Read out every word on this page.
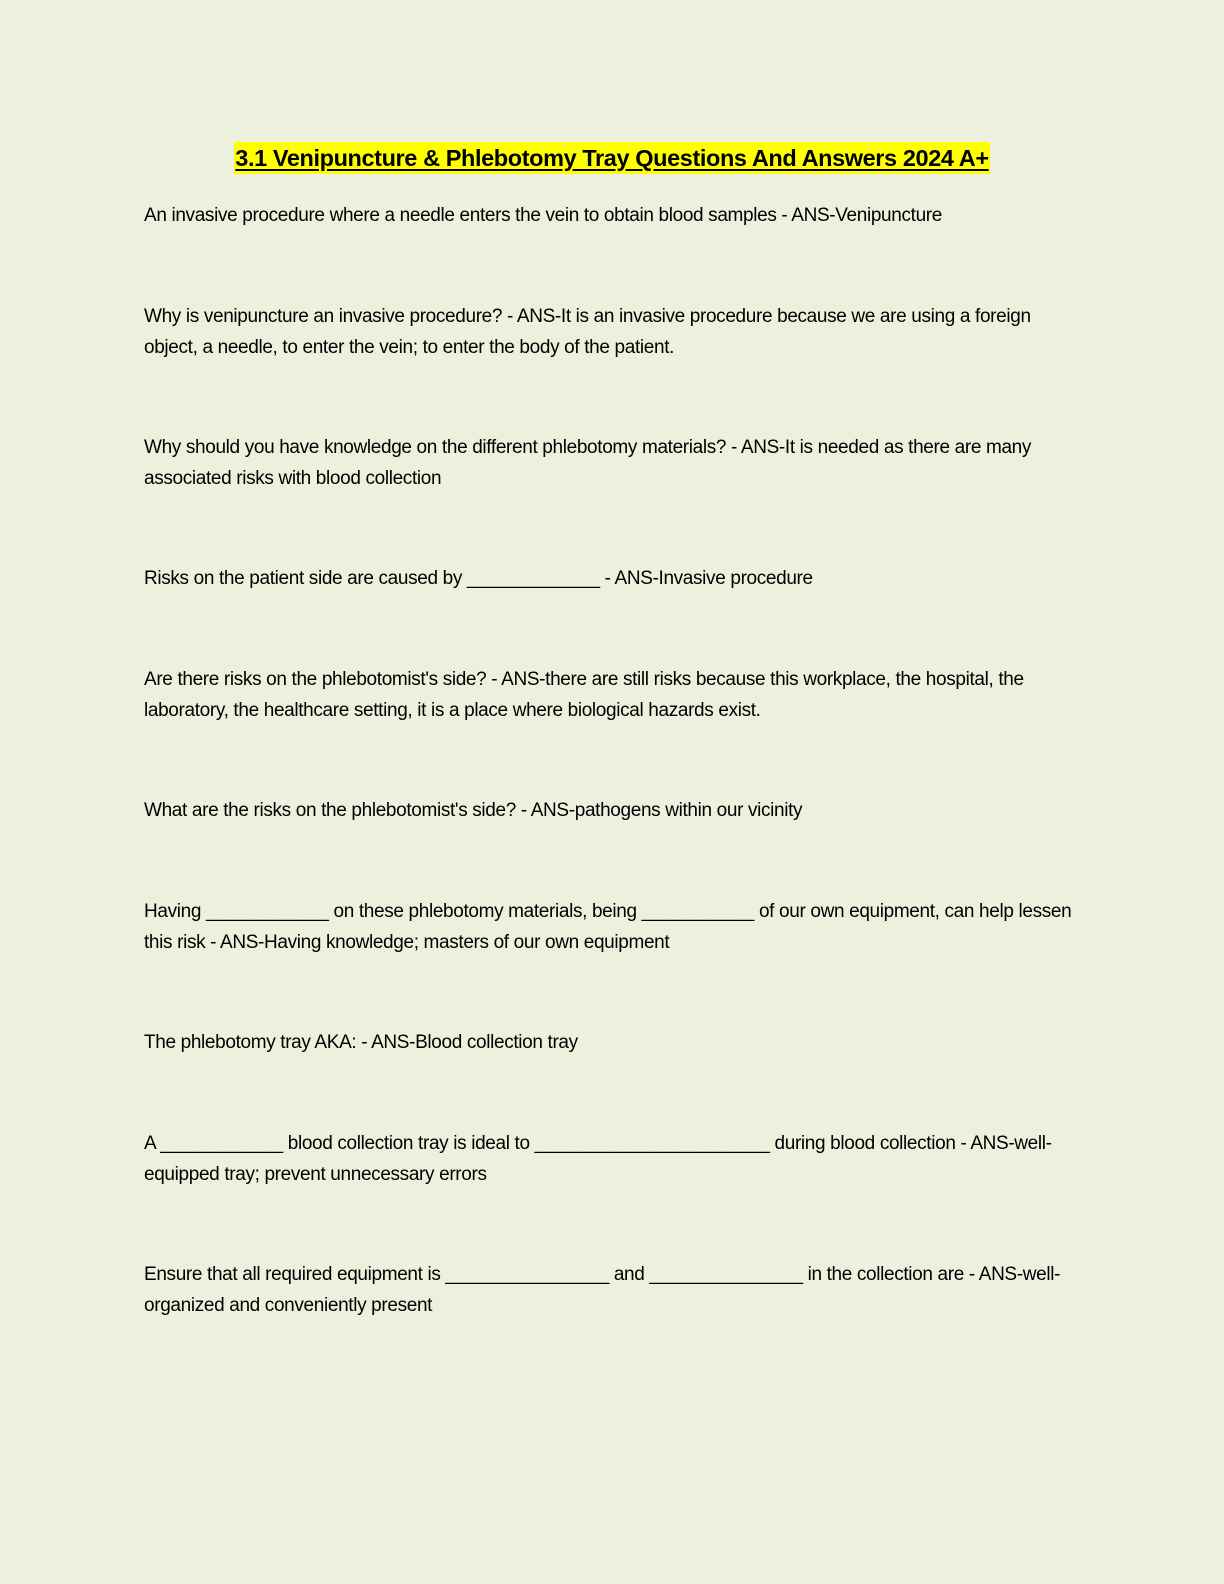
3.1 Venipuncture & Phlebotomy Tray Questions And Answers 2024 A+

An invasive procedure where a needle enters the vein to obtain blood samples - ANS-Venipuncture

Why is venipuncture an invasive procedure? - ANS-It is an invasive procedure because we are using a foreign object, a needle, to enter the vein; to enter the body of the patient.

Why should you have knowledge on the different phlebotomy materials? - ANS-It is needed as there are many associated risks with blood collection

Risks on the patient side are caused by _____________ - ANS-Invasive procedure

Are there risks on the phlebotomist's side? - ANS-there are still risks because this workplace, the hospital, the laboratory, the healthcare setting, it is a place where biological hazards exist.

What are the risks on the phlebotomist's side? - ANS-pathogens within our vicinity

Having ____________ on these phlebotomy materials, being ___________ of our own equipment, can help lessen this risk - ANS-Having knowledge; masters of our own equipment

The phlebotomy tray AKA: - ANS-Blood collection tray

A ____________ blood collection tray is ideal to _______________________ during blood collection - ANS-well-equipped tray; prevent unnecessary errors

Ensure that all required equipment is ________________ and _______________ in the collection are - ANS-well-organized and conveniently present
